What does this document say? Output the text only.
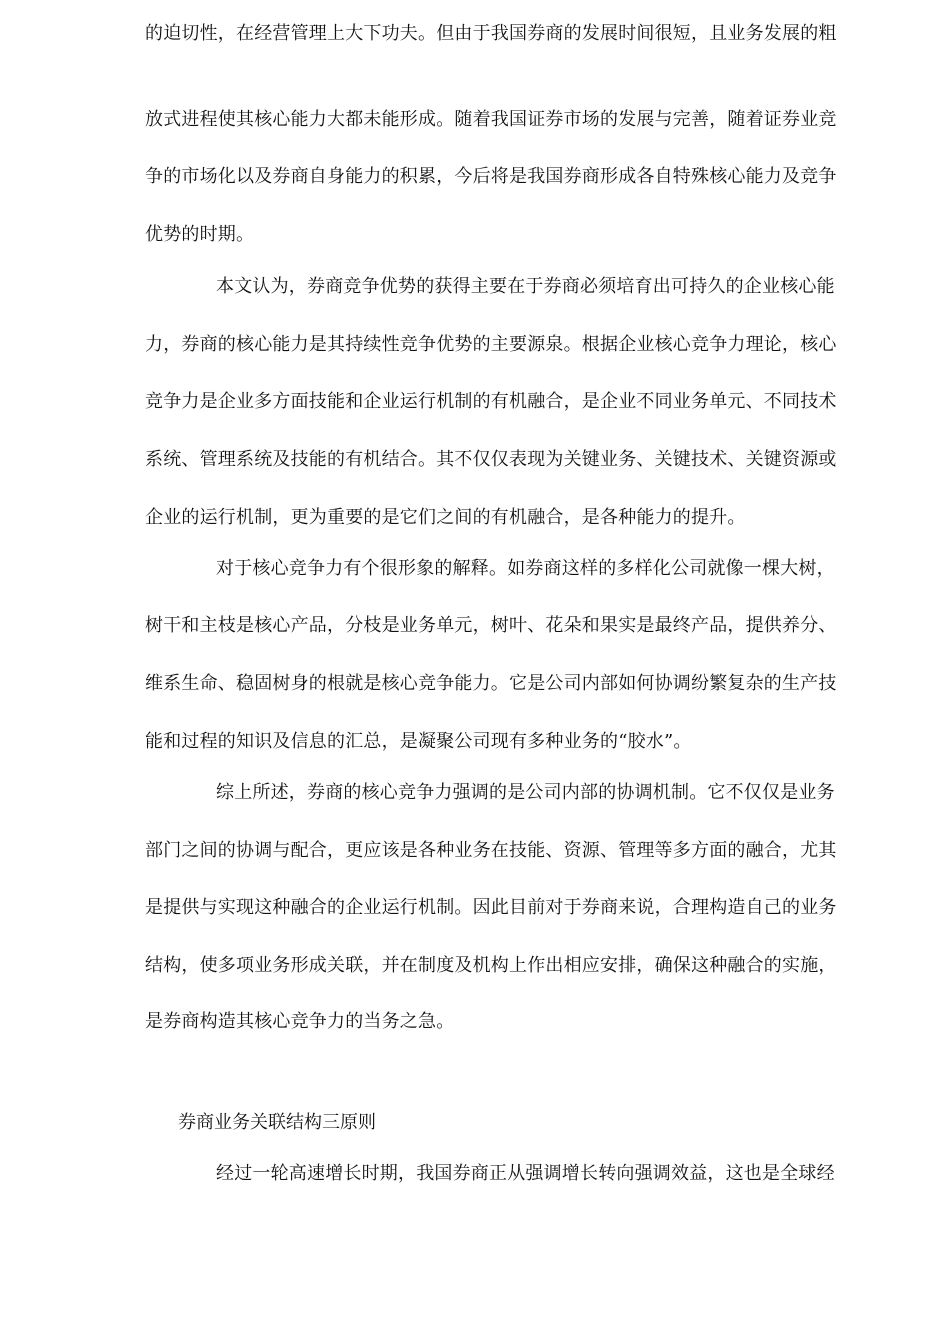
的迫切性，在经营管理上大下功夫。但由于我国券商的发展时间很短，且业务发展的粗
放式进程使其核心能力大都未能形成。随着我国证券市场的发展与完善，随着证券业竞
争的市场化以及券商自身能力的积累，今后将是我国券商形成各自特殊核心能力及竞争
优势的时期。
本文认为，券商竞争优势的获得主要在于券商必须培育出可持久的企业核心能
力，券商的核心能力是其持续性竞争优势的主要源泉。根据企业核心竞争力理论，核心
竞争力是企业多方面技能和企业运行机制的有机融合，是企业不同业务单元、不同技术
系统、管理系统及技能的有机结合。其不仅仅表现为关键业务、关键技术、关键资源或
企业的运行机制，更为重要的是它们之间的有机融合，是各种能力的提升。
对于核心竞争力有个很形象的解释。如券商这样的多样化公司就像一棵大树，
树干和主枝是核心产品，分枝是业务单元，树叶、花朵和果实是最终产品，提供养分、
维系生命、稳固树身的根就是核心竞争能力。它是公司内部如何协调纷繁复杂的生产技
能和过程的知识及信息的汇总，是凝聚公司现有多种业务的“胶水”。
综上所述，券商的核心竞争力强调的是公司内部的协调机制。它不仅仅是业务
部门之间的协调与配合，更应该是各种业务在技能、资源、管理等多方面的融合，尤其
是提供与实现这种融合的企业运行机制。因此目前对于券商来说，合理构造自己的业务
结构，使多项业务形成关联，并在制度及机构上作出相应安排，确保这种融合的实施，
是券商构造其核心竞争力的当务之急。
券商业务关联结构三原则
经过一轮高速增长时期，我国券商正从强调增长转向强调效益，这也是全球经
